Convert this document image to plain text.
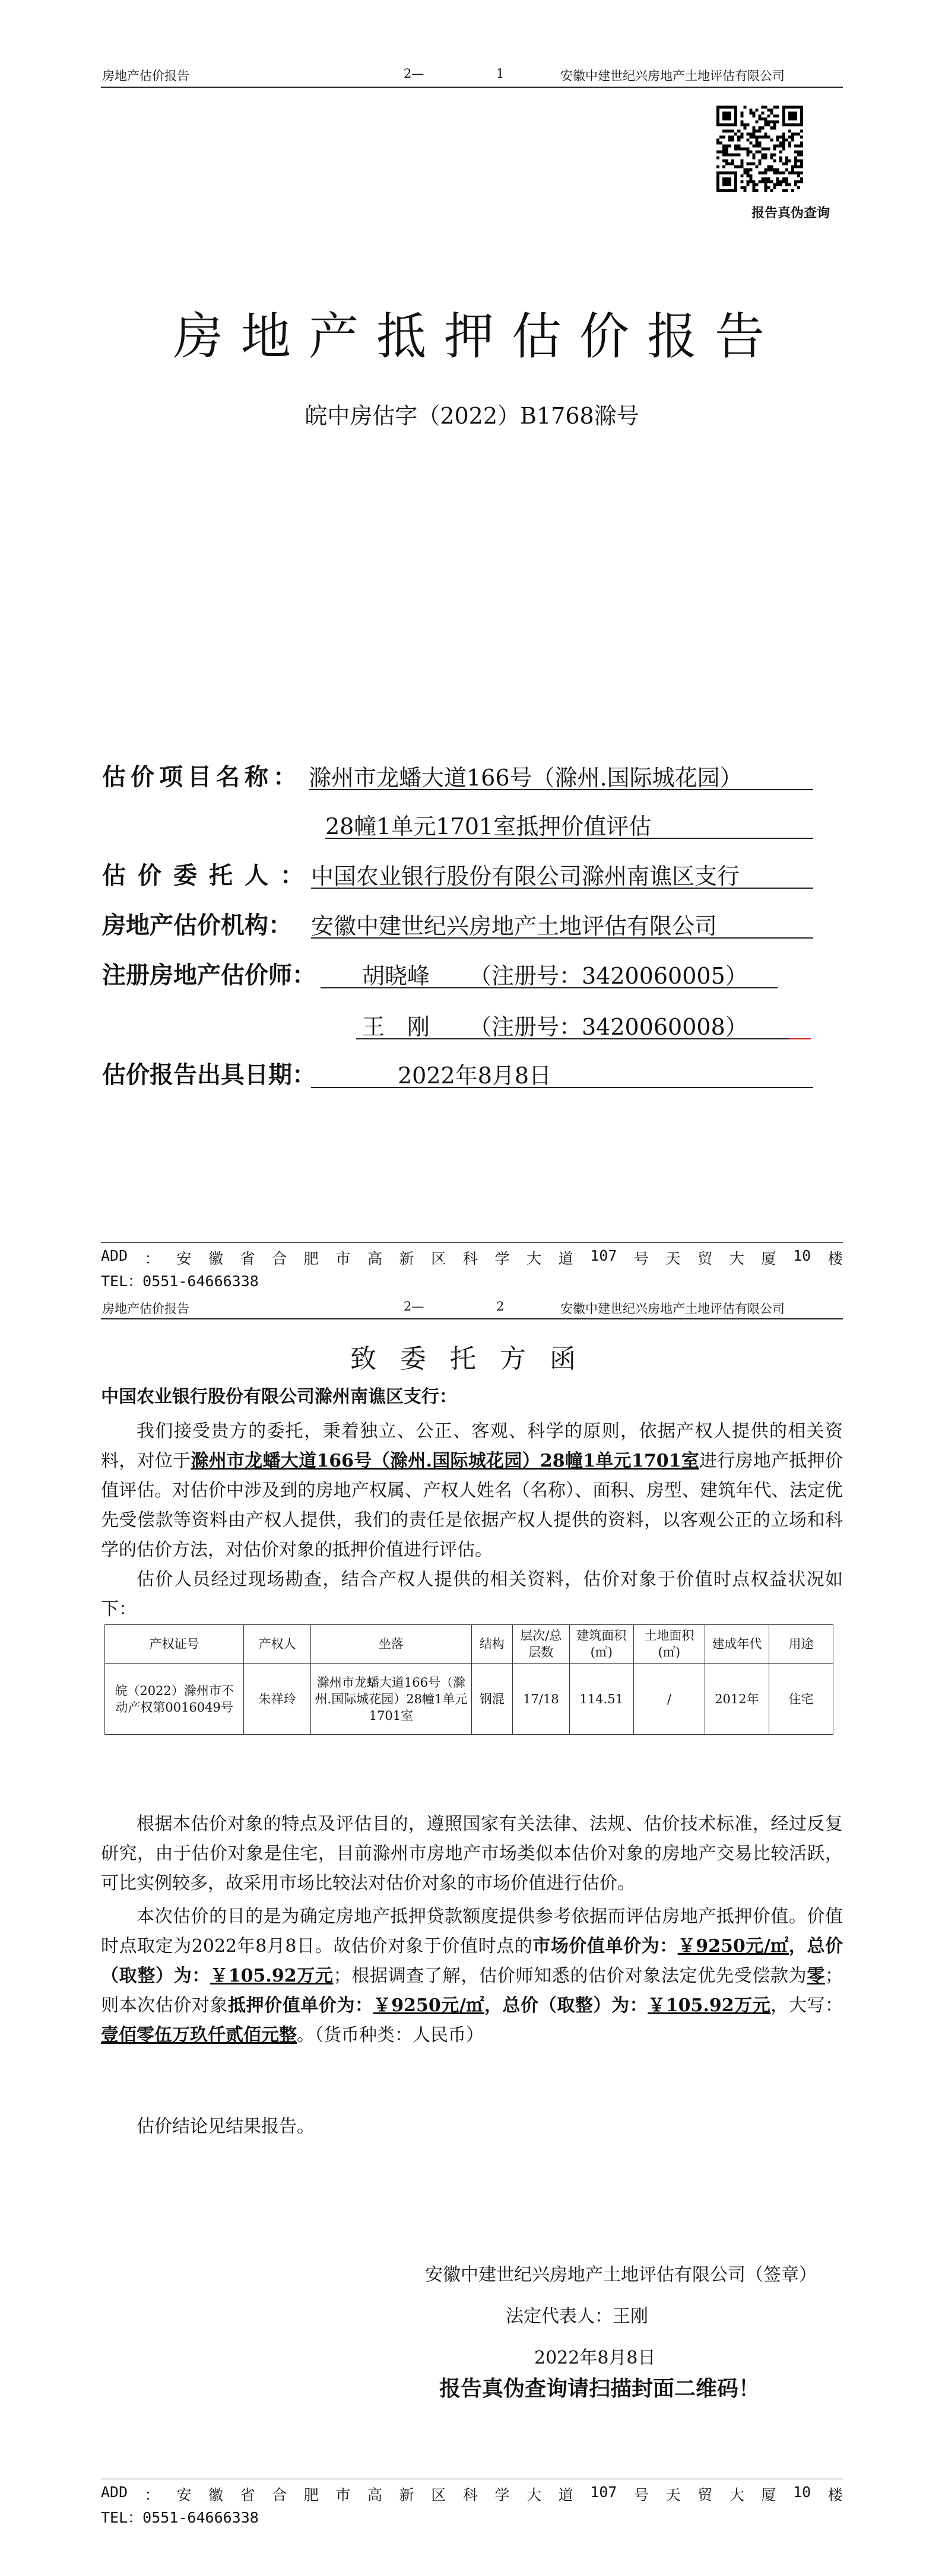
房地产估价报告	2—	1	安徽中建世纪兴房地产土地评估有限公司
报告真伪查询
房地产抵押估价报告
皖中房估字（2022）B1768滁号
估价项目名称： 滁州市龙蟠大道166号（滁州.国际城花园）
28幢1单元1701室抵押价值评估
估价委托人：
中国农业银行股份有限公司滁州南谯区支行
房地产估价机构： 安徽中建世纪兴房地产土地评估有限公司
注册房地产估价师： 胡晓峰 （注册号：3420060005）
王　刚 （注册号：3420060008）
估价报告出具日期：	2022年8月8日
ADD ： 安 徽 省 合 肥 市 高 新 区 科 学 大 道 107 号 天 贸 大 厦 10 楼
TEL：0551-64666338
房地产估价报告	2—	2	安徽中建世纪兴房地产土地评估有限公司
致委托方函
中国农业银行股份有限公司滁州南谯区支行：
我们接受贵方的委托，秉着独立、公正、客观、科学的原则，依据产权人提供的相关资料，对位于滁州市龙蟠大道166号（滁州.国际城花园）28幢1单元1701室进行房地产抵押价值评估。对估价中涉及到的房地产权属、产权人姓名（名称）、面积、房型、建筑年代、法定优先受偿款等资料由产权人提供，我们的责任是依据产权人提供的资料，以客观公正的立场和科学的估价方法，对估价对象的抵押价值进行评估。
估价人员经过现场勘查，结合产权人提供的相关资料，估价对象于价值时点权益状况如下：
产权证号	产权人	坐落	结构	层次/总层数	建筑面积(㎡)	土地面积(㎡)	建成年代	用途
皖（2022）滁州市不动产权第0016049号	朱祥玲	滁州市龙蟠大道166号（滁州.国际城花园）28幢1单元1701室	钢混	17/18	114.51	/	2012年	住宅
根据本估价对象的特点及评估目的，遵照国家有关法律、法规、估价技术标准，经过反复研究，由于估价对象是住宅，目前滁州市房地产市场类似本估价对象的房地产交易比较活跃，可比实例较多，故采用市场比较法对估价对象的市场价值进行估价。
本次估价的目的是为确定房地产抵押贷款额度提供参考依据而评估房地产抵押价值。价值时点取定为2022年8月8日。故估价对象于价值时点的市场价值单价为：￥9250元/㎡，总价（取整）为：￥105.92万元；根据调查了解，估价师知悉的估价对象法定优先受偿款为零；则本次估价对象抵押价值单价为：￥9250元/㎡，总价（取整）为：￥105.92万元，大写：壹佰零伍万玖仟贰佰元整。（货币种类：人民币）
估价结论见结果报告。
安徽中建世纪兴房地产土地评估有限公司（签章）
法定代表人：王刚
2022年8月8日
报告真伪查询请扫描封面二维码！
ADD ： 安 徽 省 合 肥 市 高 新 区 科 学 大 道 107 号 天 贸 大 厦 10 楼
TEL：0551-64666338
